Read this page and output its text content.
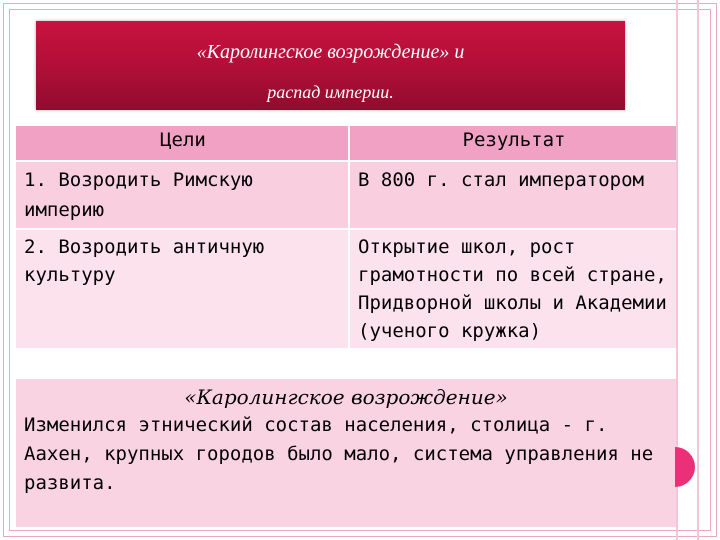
«Каролингское возрождение» и
распад империи.
Цели	Результат

1. Возродить Римскую империю	В 800 г. стал императором

2. Возродить античную культуру	Открытие школ, рост грамотности по всей стране, Придворной школы и Академии (ученого кружка)
«Каролингское возрождение»
Изменился этнический состав населения, столица - г. Аахен, крупных городов было мало, система управления не развита.
